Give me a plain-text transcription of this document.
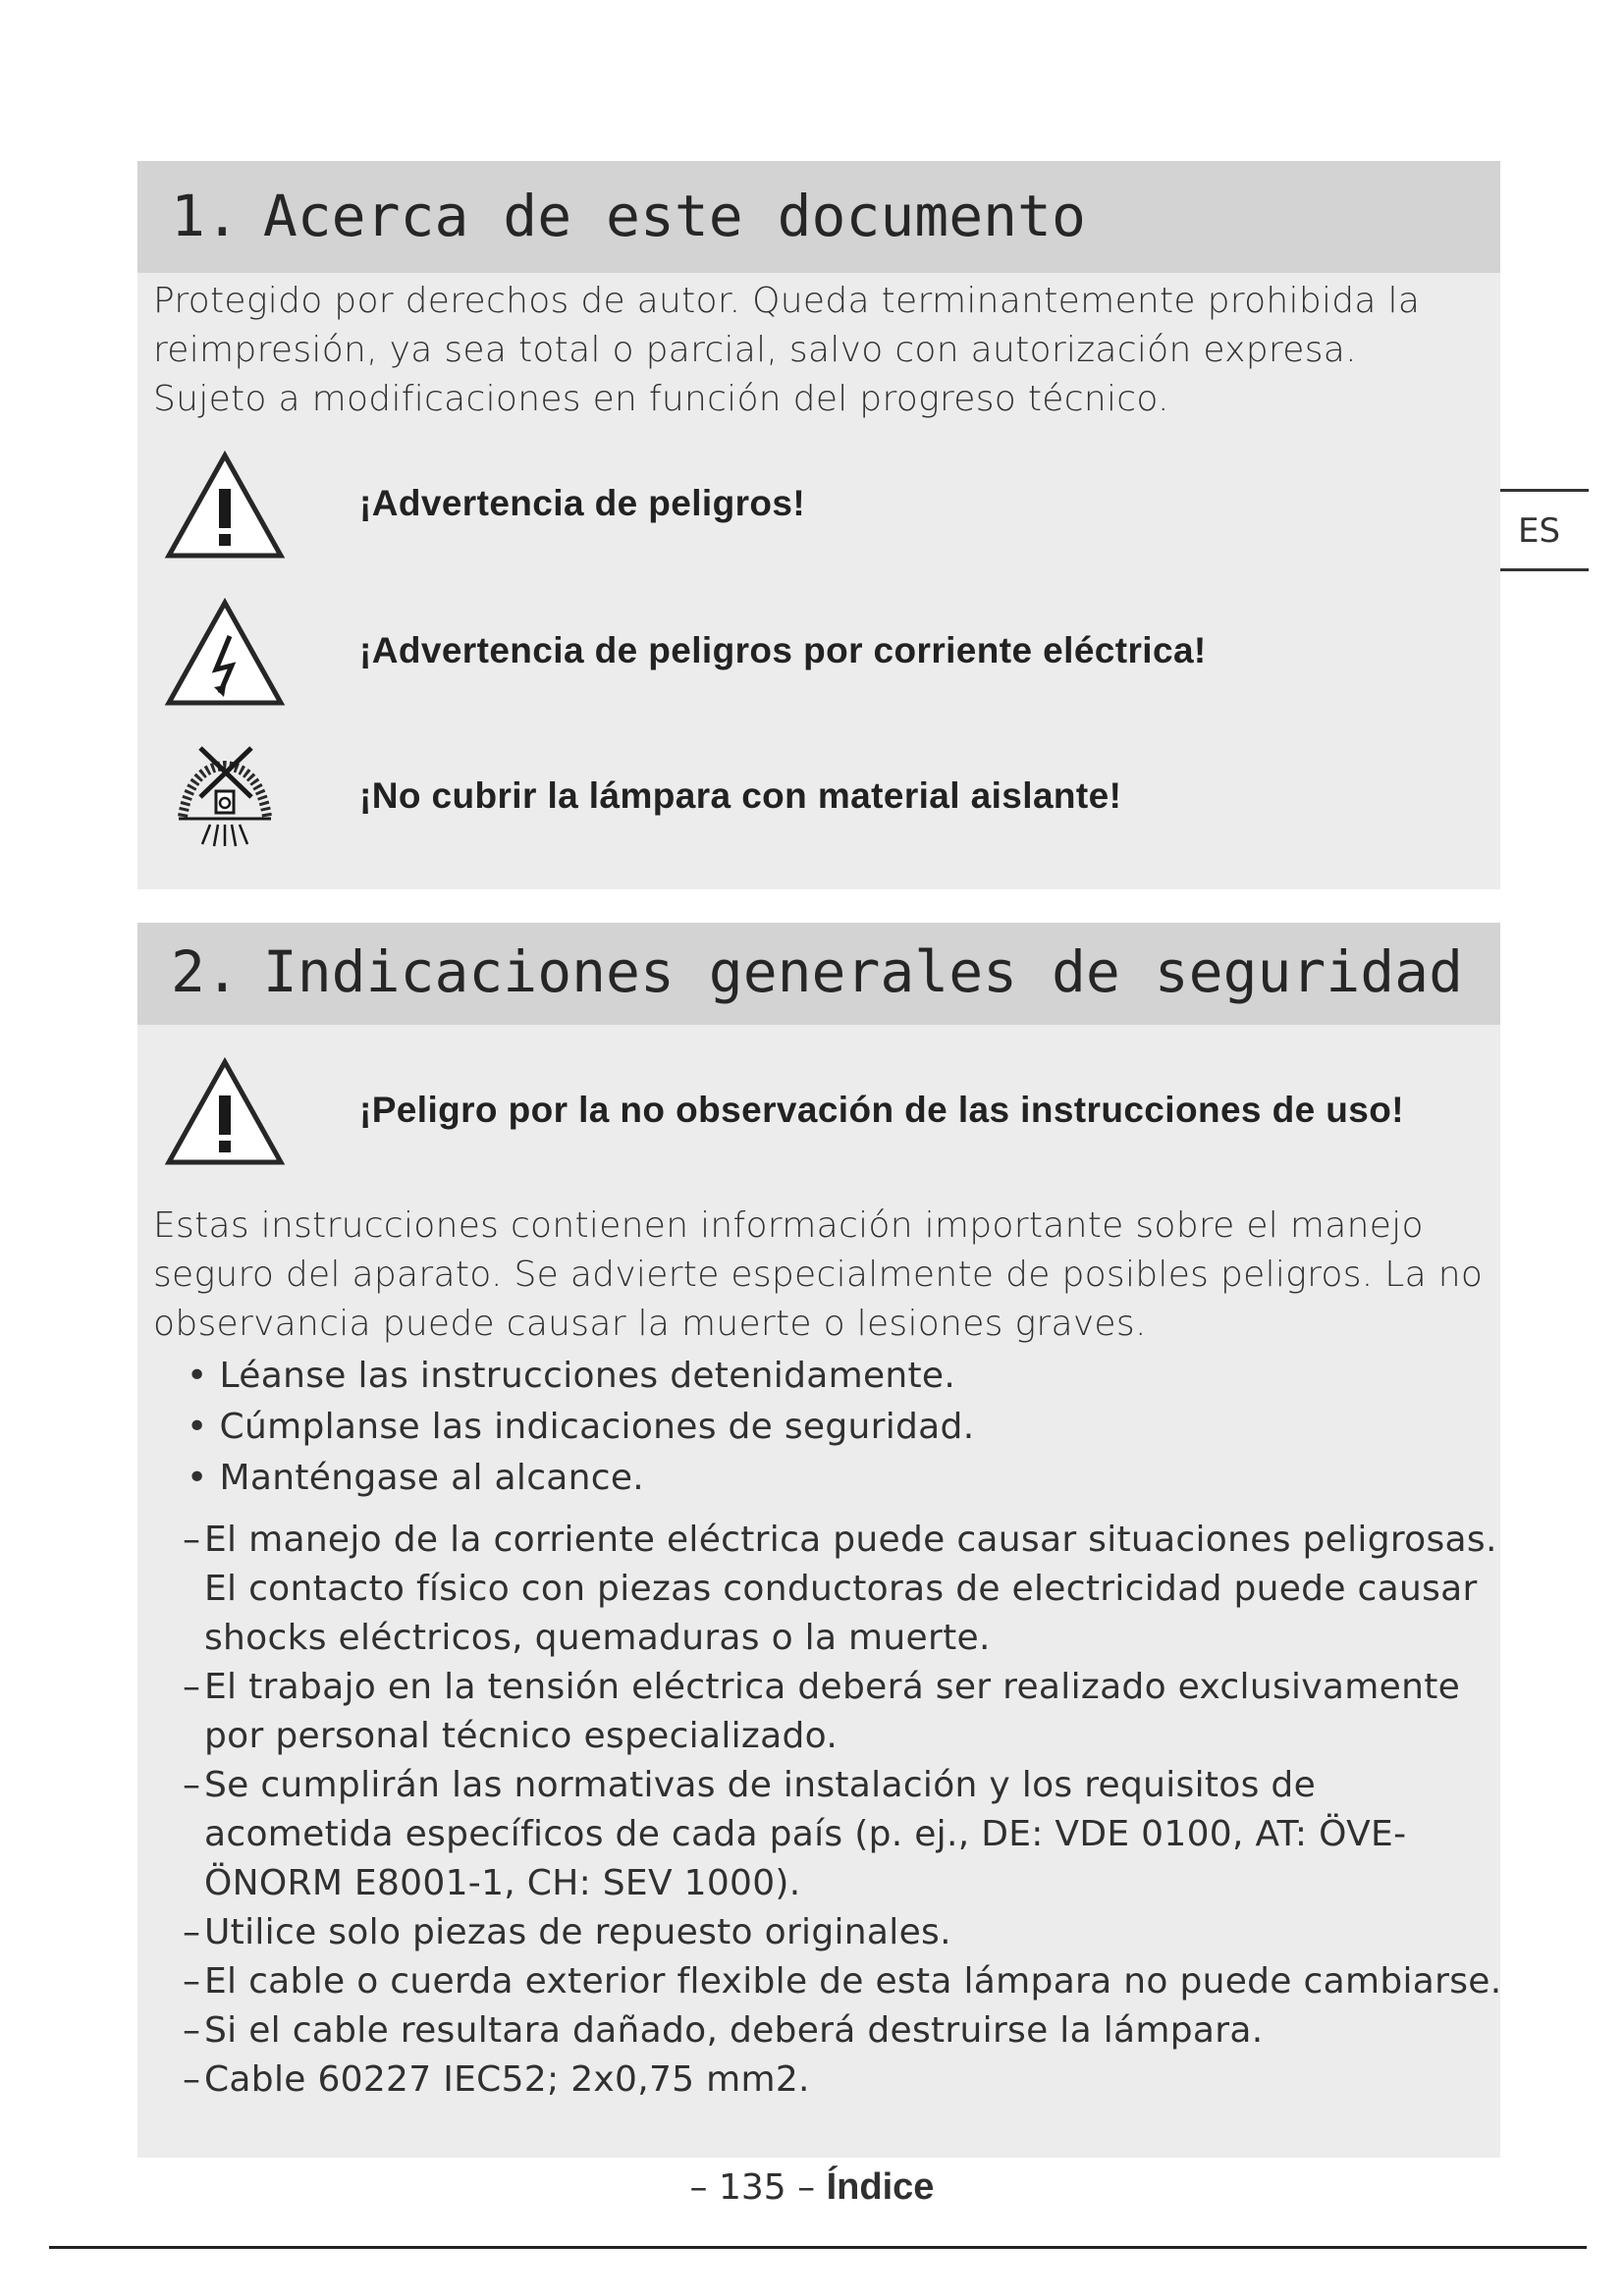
ES
1. Acerca de este documento

Protegido por derechos de autor. Queda terminantemente prohibida la
reimpresión, ya sea total o parcial, salvo con autorización expresa.
Sujeto a modificaciones en función del progreso técnico.

¡Advertencia de peligros!
¡Advertencia de peligros por corriente eléctrica!
¡No cubrir la lámpara con material aislante!
2. Indicaciones generales de seguridad
¡Peligro por la no observación de las instrucciones de uso!

Estas instrucciones contienen información importante sobre el manejo
seguro del aparato. Se advierte especialmente de posibles peligros. La no
observancia puede causar la muerte o lesiones graves.

• Léanse las instrucciones detenidamente.
• Cúmplanse las indicaciones de seguridad.
• Manténgase al alcance.
– El manejo de la corriente eléctrica puede causar situaciones peligrosas.
El contacto físico con piezas conductoras de electricidad puede causar
shocks eléctricos, quemaduras o la muerte.
– El trabajo en la tensión eléctrica deberá ser realizado exclusivamente
por personal técnico especializado.
– Se cumplirán las normativas de instalación y los requisitos de
acometida específicos de cada país (p. ej., DE: VDE 0100, AT: ÖVE-
ÖNORM E8001-1, CH: SEV 1000).
– Utilice solo piezas de repuesto originales.
– El cable o cuerda exterior flexible de esta lámpara no puede cambiarse.
– Si el cable resultara dañado, deberá destruirse la lámpara.
– Cable 60227 IEC52; 2x0,75 mm2.
– 135 – Índice
